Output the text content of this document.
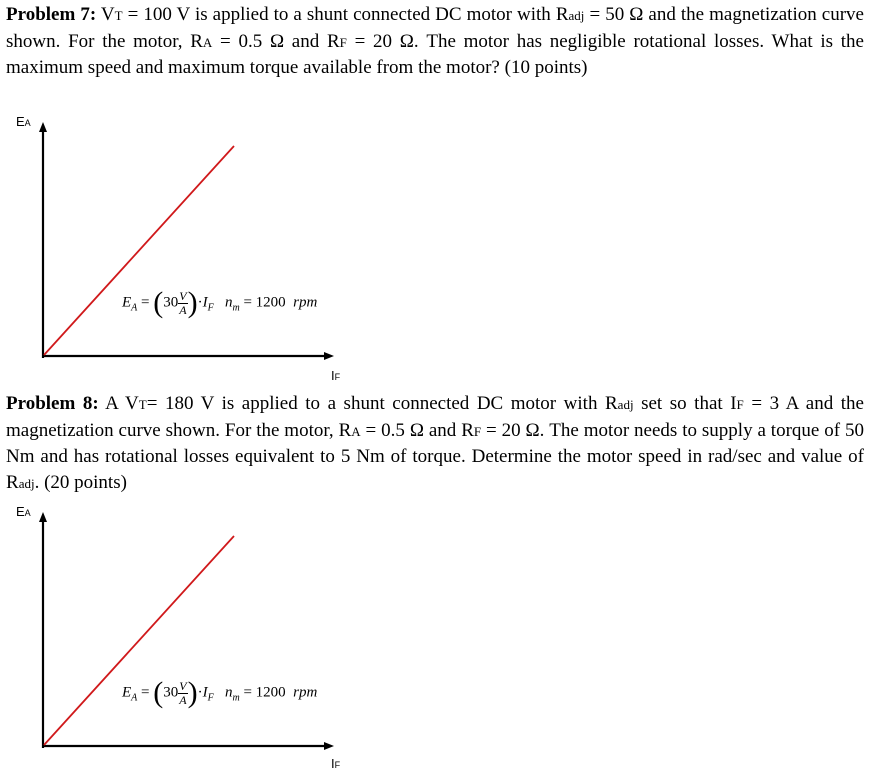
Problem 7: VT = 100 V is applied to a shunt connected DC motor with Radj = 50 Ω and the magnetization curve shown. For the motor, RA = 0.5 Ω and RF = 20 Ω. The motor has negligible rotational losses. What is the maximum speed and maximum torque available from the motor? (10 points)

EA
IF
$E_A = (30 \frac{V}{A} )\cdot I_F$ $n_m = 1200$  rpm

Problem 8: A VT= 180 V is applied to a shunt connected DC motor with Radj set so that IF = 3 A and the magnetization curve shown. For the motor, RA = 0.5 Ω and RF = 20 Ω. The motor needs to supply a torque of 50 Nm and has rotational losses equivalent to 5 Nm of torque. Determine the motor speed in rad/sec and value of Radj. (20 points)

EA
IF
$E_A = (30 \frac{V}{A} )\cdot I_F$ $n_m = 1200$  rpm
